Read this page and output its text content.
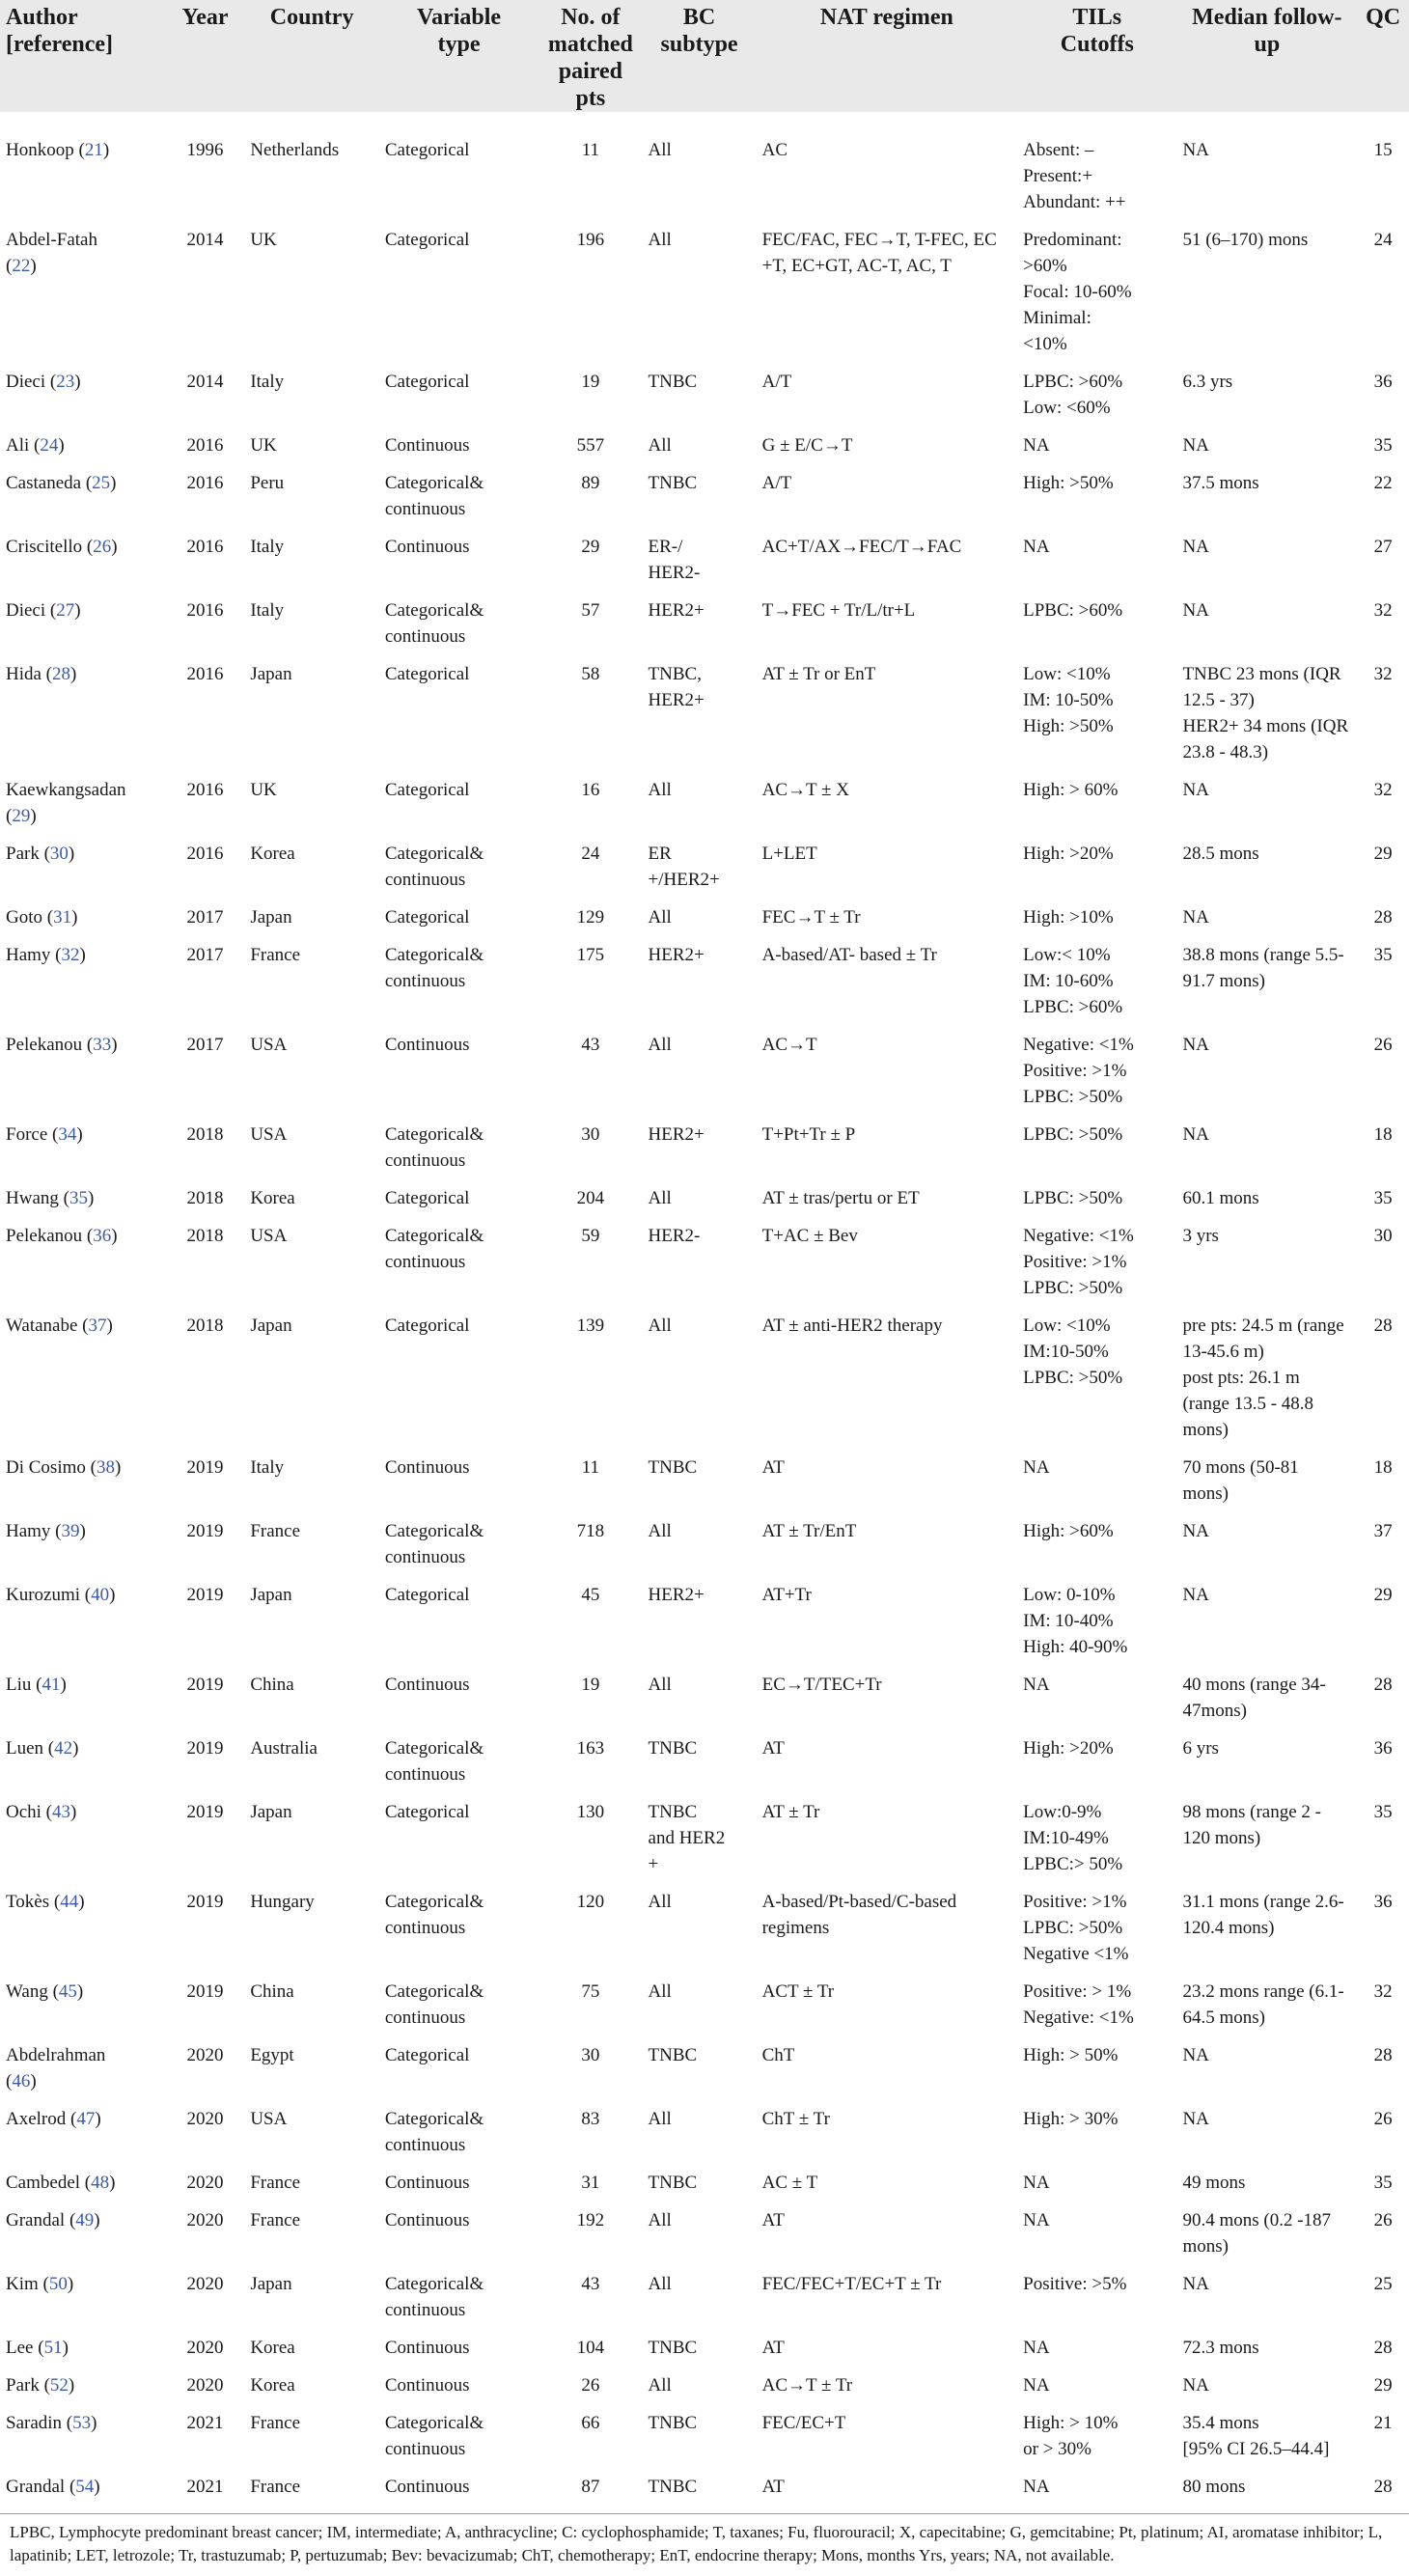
Author
[reference]	Year	Country	Variable
type	No. of
matched
paired pts	BC
subtype	NAT regimen	TILs
Cutoffs	Median follow-
up	QC

Honkoop (21)	1996	Netherlands	Categorical	11	All	AC	Absent: –
Present:+
Abundant: ++	NA	15

Abdel-Fatah
(22)	2014	UK	Categorical	196	All	FEC/FAC, FEC→T, T-FEC, EC
+T, EC+GT, AC-T, AC, T	Predominant:
>60%
Focal: 10-60%
Minimal:
<10%	51 (6–170) mons	24

Dieci (23)	2014	Italy	Categorical	19	TNBC	A/T	LPBC: >60%
Low: <60%	6.3 yrs	36

Ali (24)	2016	UK	Continuous	557	All	G ± E/C→T	NA	NA	35

Castaneda (25)	2016	Peru	Categorical&
continuous	89	TNBC	A/T	High: >50%	37.5 mons	22

Criscitello (26)	2016	Italy	Continuous	29	ER-/
HER2-	AC+T/AX→FEC/T→FAC	NA	NA	27

Dieci (27)	2016	Italy	Categorical&
continuous	57	HER2+	T→FEC + Tr/L/tr+L	LPBC: >60%	NA	32

Hida (28)	2016	Japan	Categorical	58	TNBC,
HER2+	AT ± Tr or EnT	Low: <10%
IM: 10-50%
High: >50%	TNBC 23 mons (IQR
12.5 - 37)
HER2+ 34 mons (IQR
23.8 - 48.3)	32

Kaewkangsadan
(29)	2016	UK	Categorical	16	All	AC→T ± X	High: > 60%	NA	32

Park (30)	2016	Korea	Categorical&
continuous	24	ER
+/HER2+	L+LET	High: >20%	28.5 mons	29

Goto (31)	2017	Japan	Categorical	129	All	FEC→T ± Tr	High: >10%	NA	28

Hamy (32)	2017	France	Categorical&
continuous	175	HER2+	A-based/AT- based ± Tr	Low:< 10%
IM: 10-60%
LPBC: >60%	38.8 mons (range 5.5-
91.7 mons)	35

Pelekanou (33)	2017	USA	Continuous	43	All	AC→T	Negative: <1%
Positive: >1%
LPBC: >50%	NA	26

Force (34)	2018	USA	Categorical&
continuous	30	HER2+	T+Pt+Tr ± P	LPBC: >50%	NA	18

Hwang (35)	2018	Korea	Categorical	204	All	AT ± tras/pertu or ET	LPBC: >50%	60.1 mons	35

Pelekanou (36)	2018	USA	Categorical&
continuous	59	HER2-	T+AC ± Bev	Negative: <1%
Positive: >1%
LPBC: >50%	3 yrs	30

Watanabe (37)	2018	Japan	Categorical	139	All	AT ± anti-HER2 therapy	Low: <10%
IM:10-50%
LPBC: >50%	pre pts: 24.5 m (range
13-45.6 m)
post pts: 26.1 m
(range 13.5 - 48.8
mons)	28

Di Cosimo (38)	2019	Italy	Continuous	11	TNBC	AT	NA	70 mons (50-81
mons)	18

Hamy (39)	2019	France	Categorical&
continuous	718	All	AT ± Tr/EnT	High: >60%	NA	37

Kurozumi (40)	2019	Japan	Categorical	45	HER2+	AT+Tr	Low: 0-10%
IM: 10-40%
High: 40-90%	NA	29

Liu (41)	2019	China	Continuous	19	All	EC→T/TEC+Tr	NA	40 mons (range 34-
47mons)	28

Luen (42)	2019	Australia	Categorical&
continuous	163	TNBC	AT	High: >20%	6 yrs	36

Ochi (43)	2019	Japan	Categorical	130	TNBC
and HER2
+	AT ± Tr	Low:0-9%
IM:10-49%
LPBC:> 50%	98 mons (range 2 -
120 mons)	35

Tokès (44)	2019	Hungary	Categorical&
continuous	120	All	A-based/Pt-based/C-based
regimens	Positive: >1%
LPBC: >50%
Negative <1%	31.1 mons (range 2.6-
120.4 mons)	36

Wang (45)	2019	China	Categorical&
continuous	75	All	ACT ± Tr	Positive: > 1%
Negative: <1%	23.2 mons range (6.1-
64.5 mons)	32

Abdelrahman
(46)	2020	Egypt	Categorical	30	TNBC	ChT	High: > 50%	NA	28

Axelrod (47)	2020	USA	Categorical&
continuous	83	All	ChT ± Tr	High: > 30%	NA	26

Cambedel (48)	2020	France	Continuous	31	TNBC	AC ± T	NA	49 mons	35

Grandal (49)	2020	France	Continuous	192	All	AT	NA	90.4 mons (0.2 -187
mons)	26

Kim (50)	2020	Japan	Categorical&
continuous	43	All	FEC/FEC+T/EC+T ± Tr	Positive: >5%	NA	25

Lee (51)	2020	Korea	Continuous	104	TNBC	AT	NA	72.3 mons	28

Park (52)	2020	Korea	Continuous	26	All	AC→T ± Tr	NA	NA	29

Saradin (53)	2021	France	Categorical&
continuous	66	TNBC	FEC/EC+T	High: > 10%
or > 30%	35.4 mons
[95% CI 26.5–44.4]	21

Grandal (54)	2021	France	Continuous	87	TNBC	AT	NA	80 mons	28
LPBC, Lymphocyte predominant breast cancer; IM, intermediate; A, anthracycline; C: cyclophosphamide; T, taxanes; Fu, fluorouracil; X, capecitabine; G, gemcitabine; Pt, platinum; AI, aromatase inhibitor; L, lapatinib; LET, letrozole; Tr, trastuzumab; P, pertuzumab; Bev: bevacizumab; ChT, chemotherapy; EnT, endocrine therapy; Mons, months Yrs, years; NA, not available.
